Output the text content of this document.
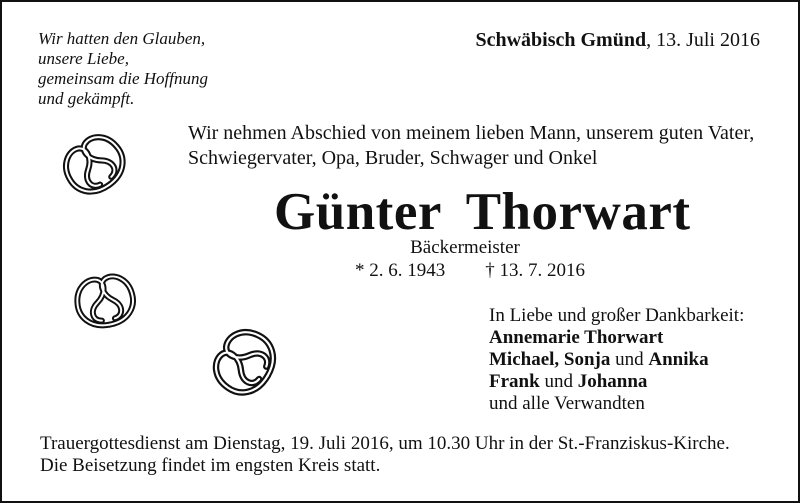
Wir hatten den Glauben,
unsere Liebe,
gemeinsam die Hoffnung
und gekämpft.
Schwäbisch Gmünd, 13. Juli 2016
Wir nehmen Abschied von meinem lieben Mann, unserem guten Vater,
Schwiegervater, Opa, Bruder, Schwager und Onkel
Günter Thorwart
Bäckermeister
* 2. 6. 1943 † 13. 7. 2016
In Liebe und großer Dankbarkeit:
Annemarie Thorwart
Michael, Sonja und Annika
Frank und Johanna
und alle Verwandten
Trauergottesdienst am Dienstag, 19. Juli 2016, um 10.30 Uhr in der St.-Franziskus-Kirche.
Die Beisetzung findet im engsten Kreis statt.
